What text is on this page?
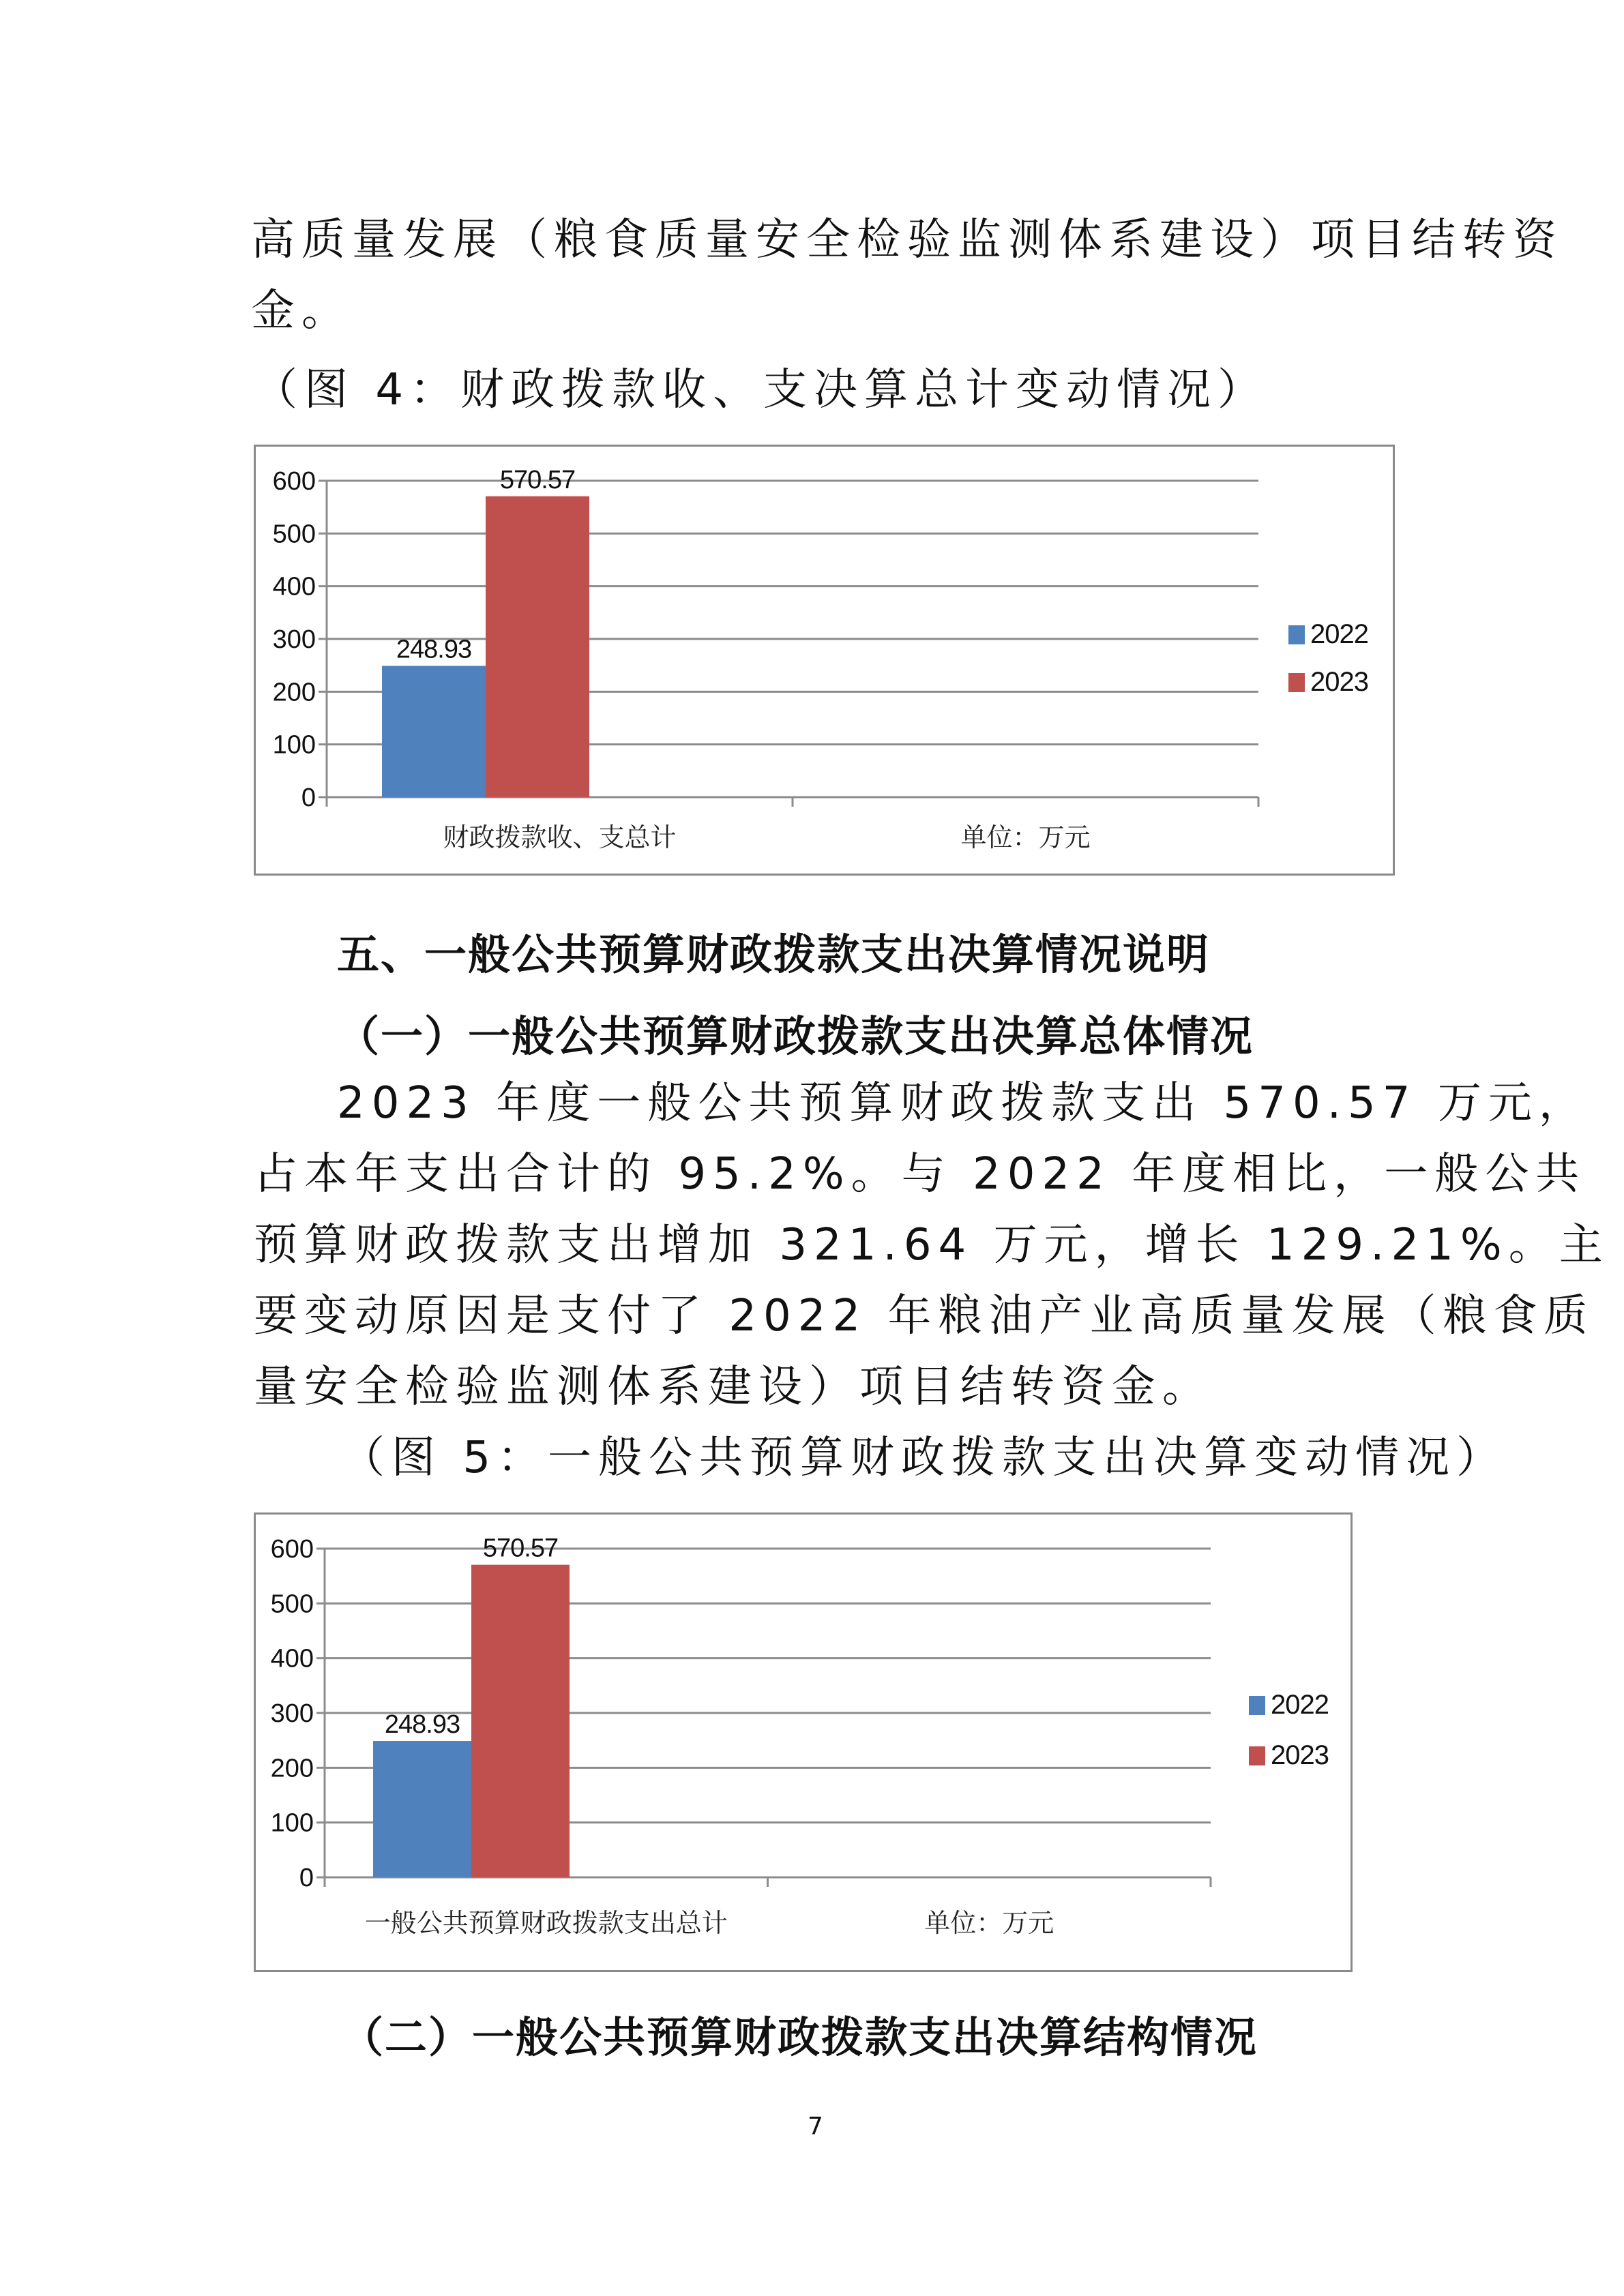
高质量发展（粮食质量安全检验监测体系建设）项目结转资
金。
（图 4：财政拨款收、支决算总计变动情况）
0
100
200
300
400
500
600
财政拨款收、支总计	单位：万元
248.93
570.57
2022
2023
五、一般公共预算财政拨款支出决算情况说明
（一）一般公共预算财政拨款支出决算总体情况
2023 年度一般公共预算财政拨款支出 570.57 万元，
占本年支出合计的 95.2%。与 2022 年度相比，一般公共
预算财政拨款支出增加 321.64 万元，增长 129.21%。主
要变动原因是支付了 2022 年粮油产业高质量发展（粮食质
量安全检验监测体系建设）项目结转资金。
（图 5：一般公共预算财政拨款支出决算变动情况）
0
100
200
300
400
500
600
一般公共预算财政拨款支出总计	单位：万元
248.93
570.57
2022
2023
（二）一般公共预算财政拨款支出决算结构情况
7
